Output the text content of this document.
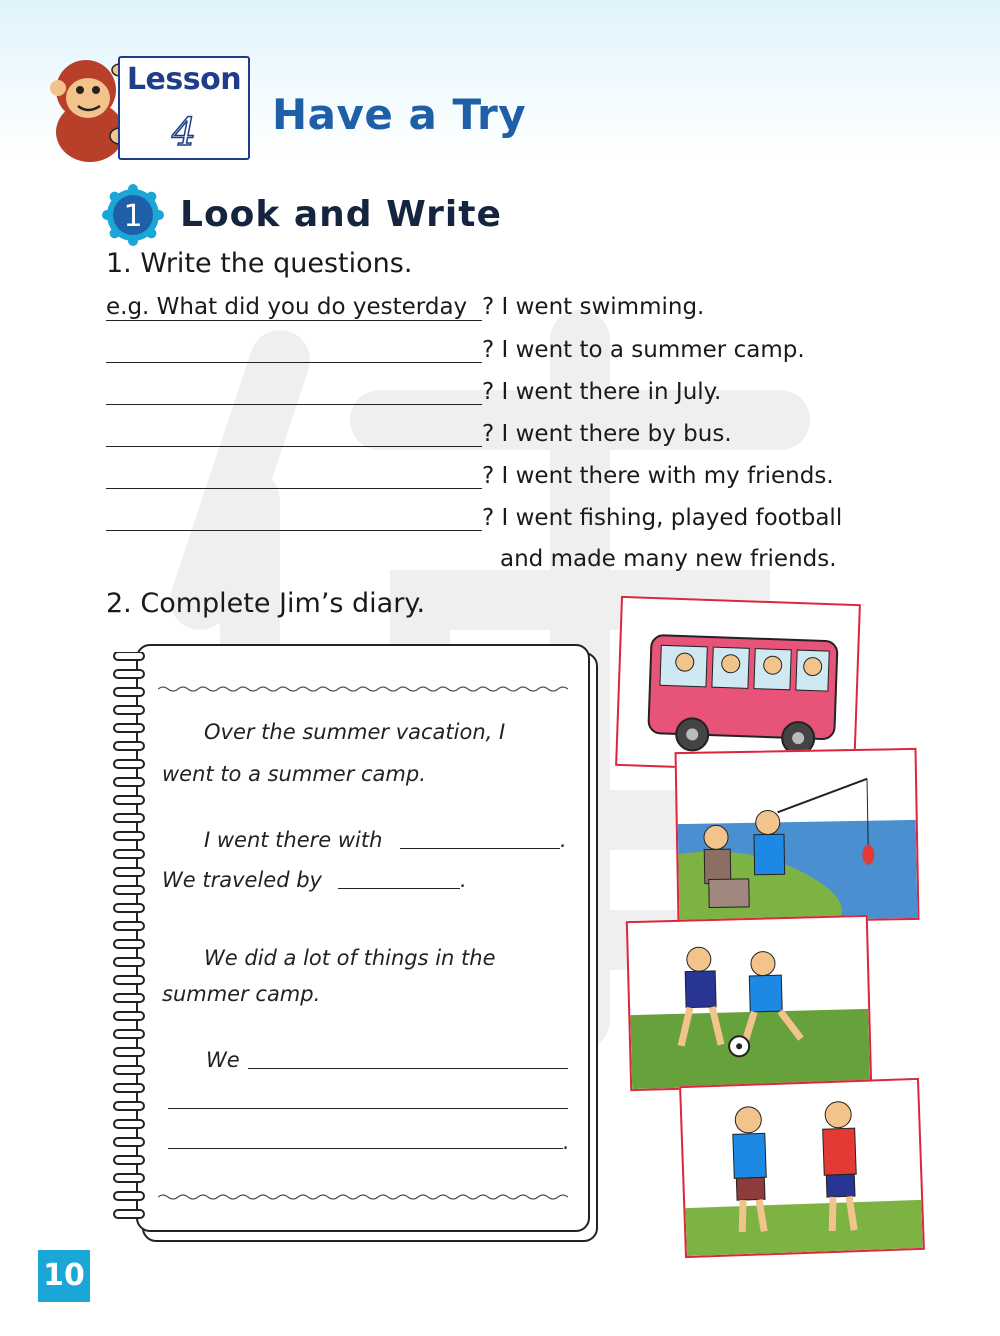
Lesson
4	Have a Try
1 Look and Write
1. Write the questions.
e.g. What did you do yesterday ? I went swimming.
? I went to a summer camp.
? I went there in July.
? I went there by bus.
? I went there with my friends.
? I went fishing, played football
and made many new friends.
2. Complete Jim’s diary.
Over the summer vacation, I
went to a summer camp.
I went there with	.
We traveled by	.
We did a lot of things in the
summer camp.
We
.
10
